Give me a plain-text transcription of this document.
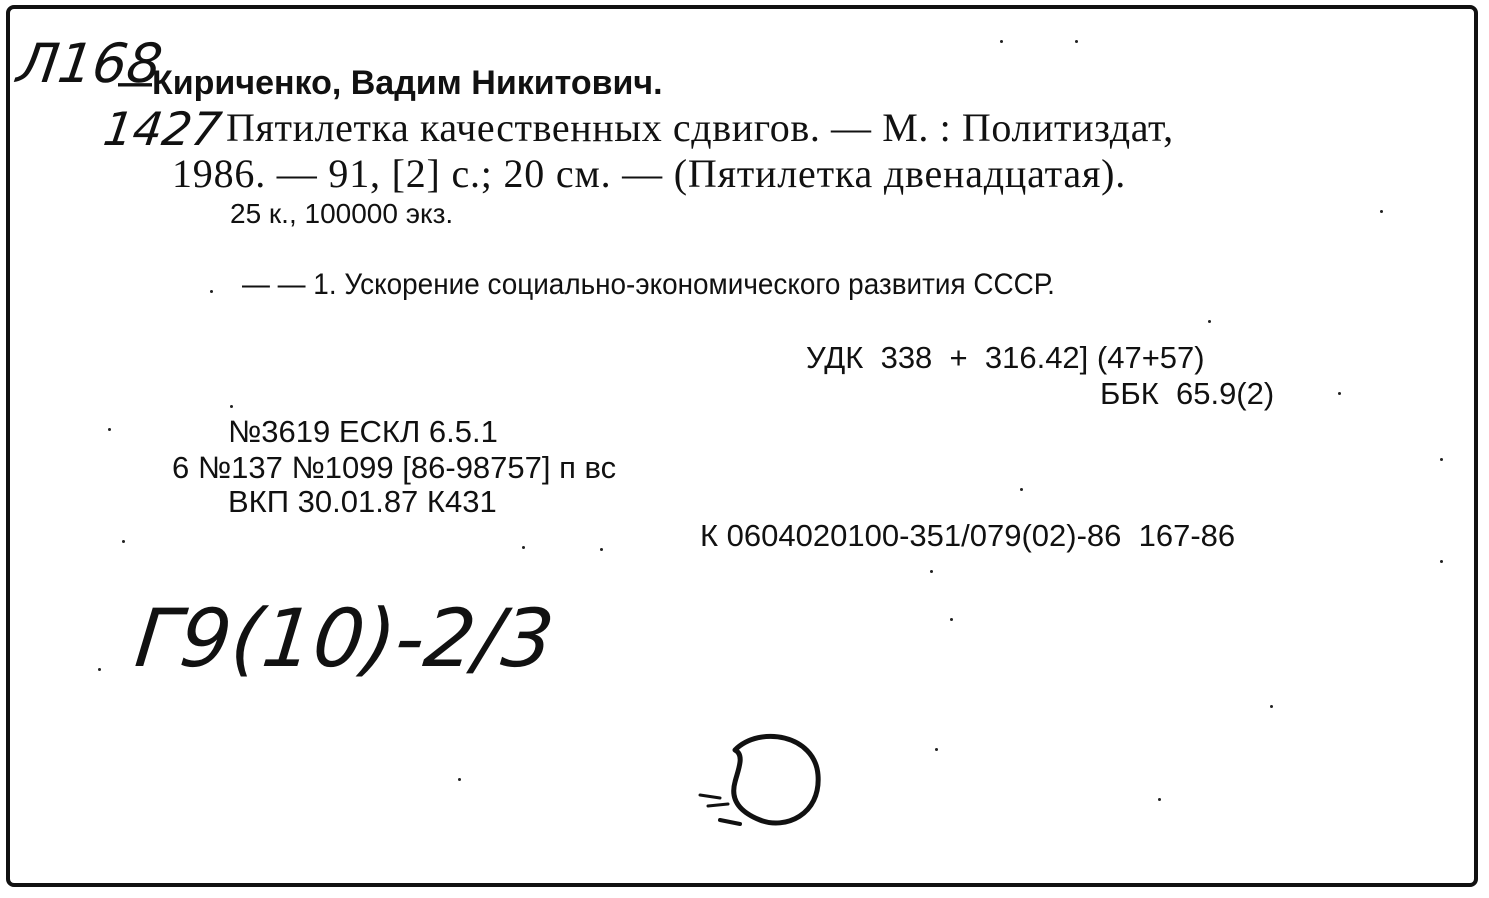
Л168
1427
—Кириченко, Вадим Никитович.
Пятилетка качественных сдвигов. — М. : Политиздат,
1986. — 91, [2] с.; 20 см. — (Пятилетка двенадцатая).
25 к., 100000 экз.
— — 1. Ускорение социально-экономического развития СССР.
УДК  338  +  316.42] (47+57)
ББК  65.9(2)
№3619 ЕСКЛ 6.5.1
6 №137 №1099 [86-98757] п вс
ВКП 30.01.87 К431
К 0604020100-351/079(02)-86  167-86
Г9(10)-2/3
